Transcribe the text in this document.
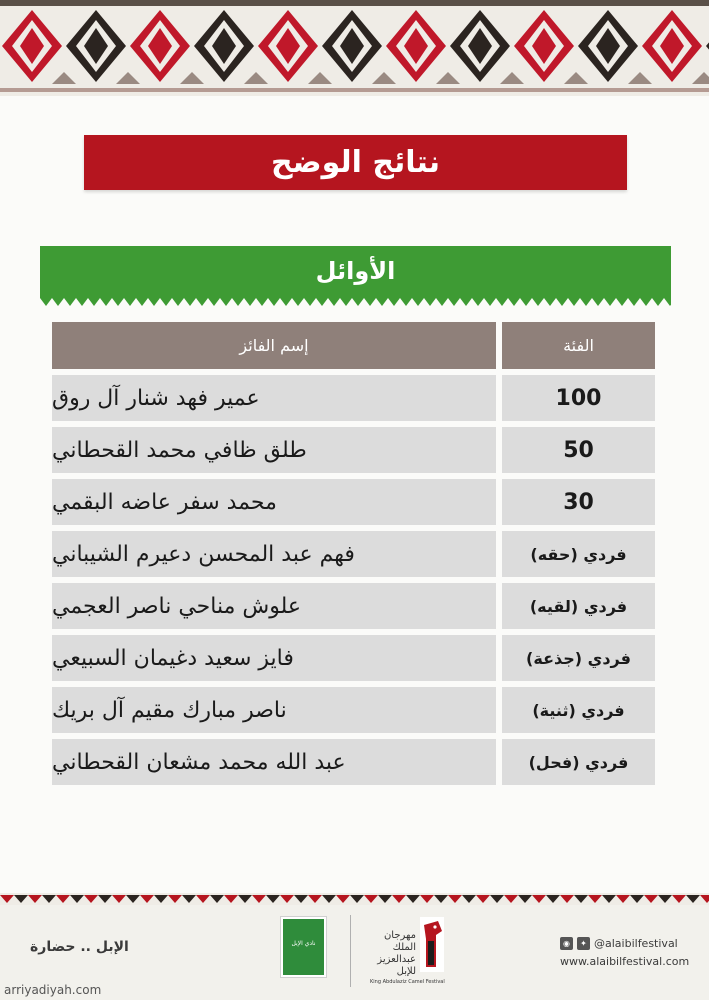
نتائج الوضح
الأوائل
الفئة
إسم الفائز
100
عمير فهد شنار آل روق
50
طلق ظافي محمد القحطاني
30
محمد سفر عاضه البقمي
فردي (حقه)
فهم عبد المحسن دعيرم الشيباني
فردي (لقيه)
علوش مناحي ناصر العجمي
فردي (جذعة)
فايز سعيد دغيمان السبيعي
فردي (ثنية)
ناصر مبارك مقيم آل بريك
فردي (فحل)
عبد الله محمد مشعان القحطاني
الإبل .. حضارة	نادي الإبل
مهرجان الملك عبدالعزيز للإبل
King Abdulaziz Camel Festival
◉	✦ @alaibilfestival
www.alaibilfestival.com
arriyadiyah.com
